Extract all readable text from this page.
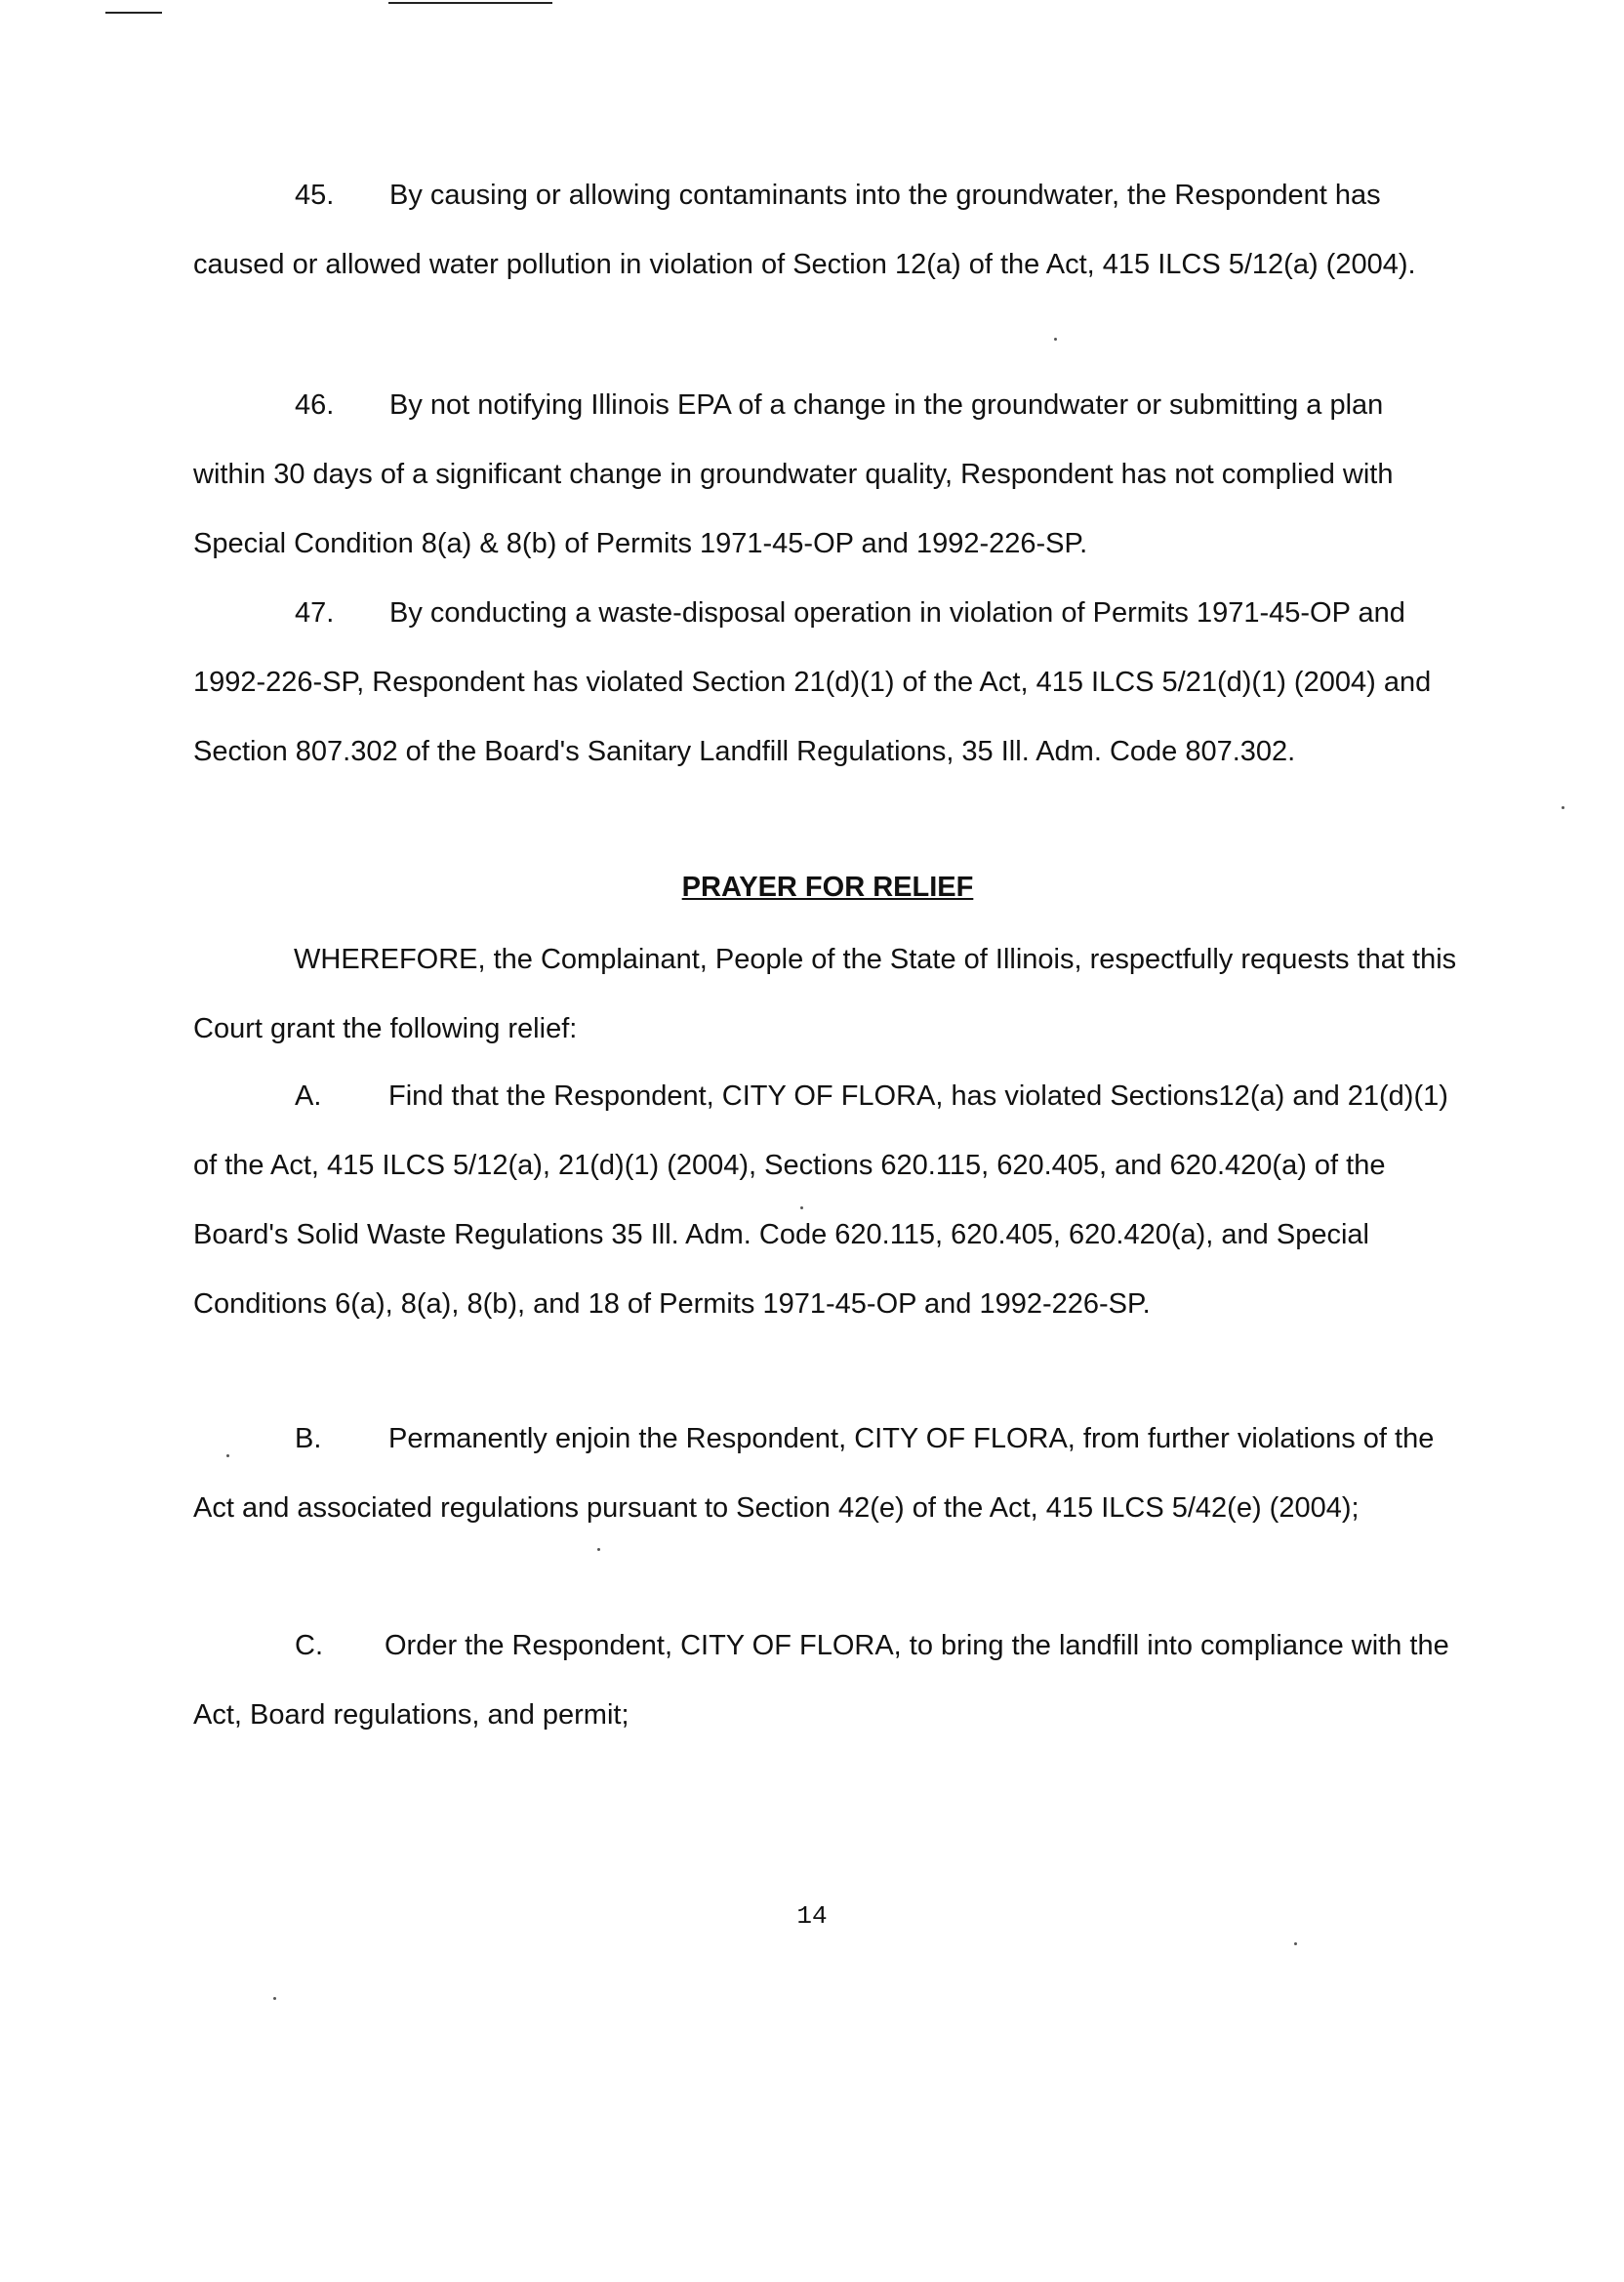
45. By causing or allowing contaminants into the groundwater, the Respondent has caused or allowed water pollution in violation of Section 12(a) of the Act, 415 ILCS 5/12(a) (2004).

46. By not notifying Illinois EPA of a change in the groundwater or submitting a plan within 30 days of a significant change in groundwater quality, Respondent has not complied with Special Condition 8(a) & 8(b) of Permits 1971-45-OP and 1992-226-SP.

47. By conducting a waste-disposal operation in violation of Permits 1971-45-OP and 1992-226-SP, Respondent has violated Section 21(d)(1) of the Act, 415 ILCS 5/21(d)(1) (2004) and Section 807.302 of the Board's Sanitary Landfill Regulations, 35 Ill. Adm. Code 807.302.

PRAYER FOR RELIEF

WHEREFORE, the Complainant, People of the State of Illinois, respectfully requests that this Court grant the following relief:

A. Find that the Respondent, CITY OF FLORA, has violated Sections12(a) and 21(d)(1) of the Act, 415 ILCS 5/12(a), 21(d)(1) (2004), Sections 620.115, 620.405, and 620.420(a) of the Board's Solid Waste Regulations 35 Ill. Adm. Code 620.115, 620.405, 620.420(a), and Special Conditions 6(a), 8(a), 8(b), and 18 of Permits 1971-45-OP and 1992-226-SP.

B. Permanently enjoin the Respondent, CITY OF FLORA, from further violations of the Act and associated regulations pursuant to Section 42(e) of the Act, 415 ILCS 5/42(e) (2004);

C. Order the Respondent, CITY OF FLORA, to bring the landfill into compliance with the Act, Board regulations, and permit;

14
